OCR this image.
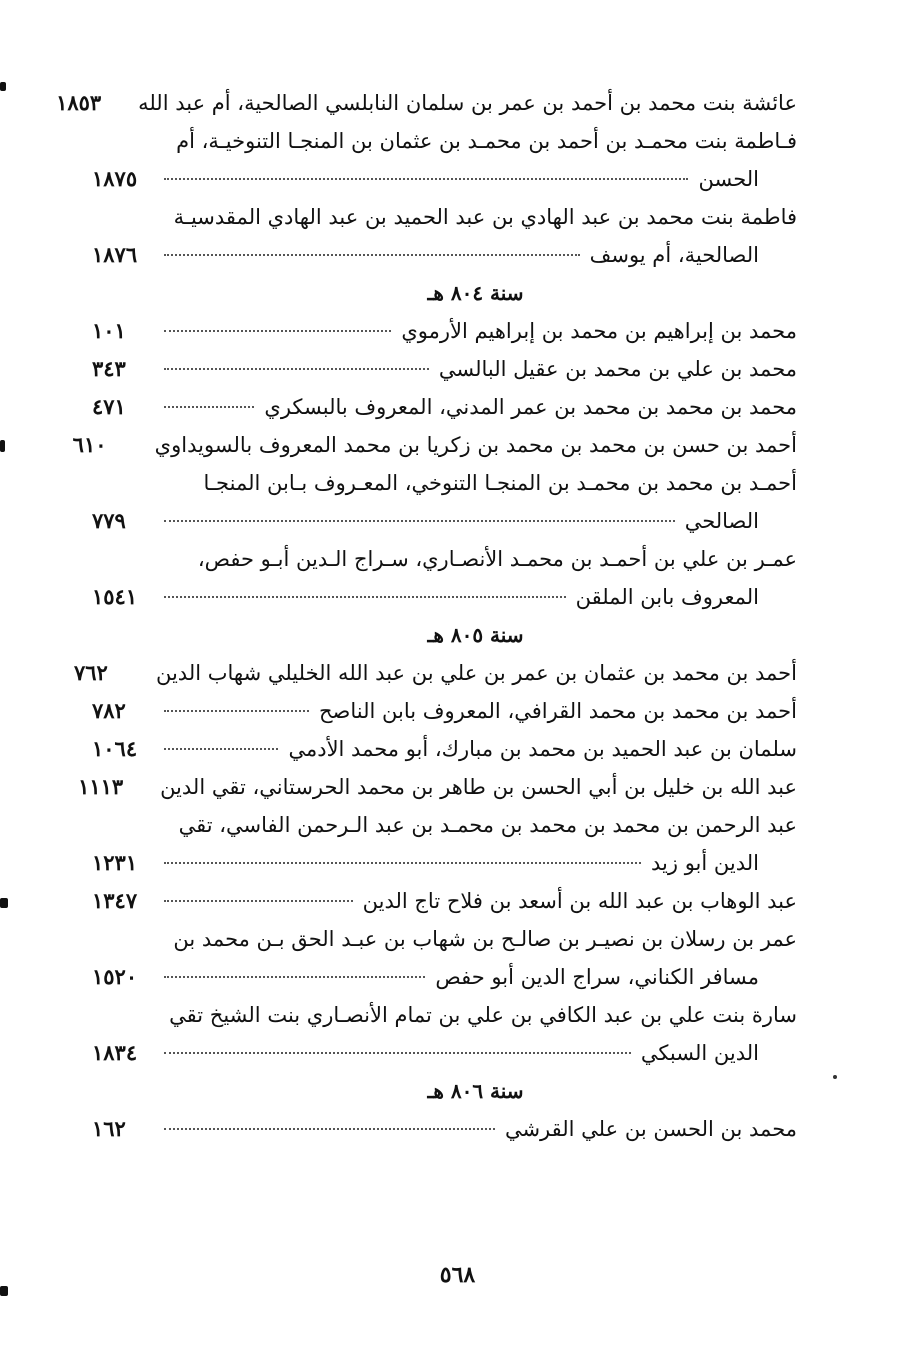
عائشة بنت محمد بن أحمد بن عمر بن سلمان النابلسي الصالحية، أم عبد الله
١٨٥٣
فـاطمة بنت محمـد بن أحمد بن محمـد بن عثمان بن المنجـا التنوخيـة، أم
الحسن
١٨٧٥
فاطمة بنت محمد بن عبد الهادي بن عبد الحميد بن عبد الهادي المقدسيـة
الصالحية، أم يوسف
١٨٧٦
سنة ٨٠٤ هـ
محمد بن إبراهيم بن محمد بن إبراهيم الأرموي
١٠١
محمد بن علي بن محمد بن عقيل البالسي
٣٤٣
محمد بن محمد بن محمد بن عمر المدني، المعروف بالبسكري
٤٧١
أحمد بن حسن بن محمد بن محمد بن زكريا بن محمد المعروف بالسويداوي
٦١٠
أحمـد بن محمد بن محمـد بن المنجـا التنوخي، المعـروف بـابن المنجـا
الصالحي
٧٧٩
عمـر بن علي بن أحمـد بن محمـد الأنصـاري، سـراج الـدين أبـو حفص،
المعروف بابن الملقن
١٥٤١
سنة ٨٠٥ هـ
أحمد بن محمد بن عثمان بن عمر بن علي بن عبد الله الخليلي شهاب الدين
٧٦٢
أحمد بن محمد بن محمد القرافي، المعروف بابن الناصح
٧٨٢
سلمان بن عبد الحميد بن محمد بن مبارك، أبو محمد الأدمي
١٠٦٤
عبد الله بن خليل بن أبي الحسن بن طاهر بن محمد الحرستاني، تقي الدين
١١١٣
عبد الرحمن بن محمد بن محمد بن محمـد بن عبد الـرحمن الفاسي، تقي
الدين أبو زيد
١٢٣١
عبد الوهاب بن عبد الله بن أسعد بن فلاح تاج الدين
١٣٤٧
عمر بن رسلان بن نصيـر بن صالـح بن شهاب بن عبـد الحق بـن محمد بن
مسافر الكناني، سراج الدين أبو حفص
١٥٢٠
سارة بنت علي بن عبد الكافي بن علي بن تمام الأنصـاري بنت الشيخ تقي
الدين السبكي
١٨٣٤
سنة ٨٠٦ هـ
محمد بن الحسن بن علي القرشي
١٦٢
٥٦٨
